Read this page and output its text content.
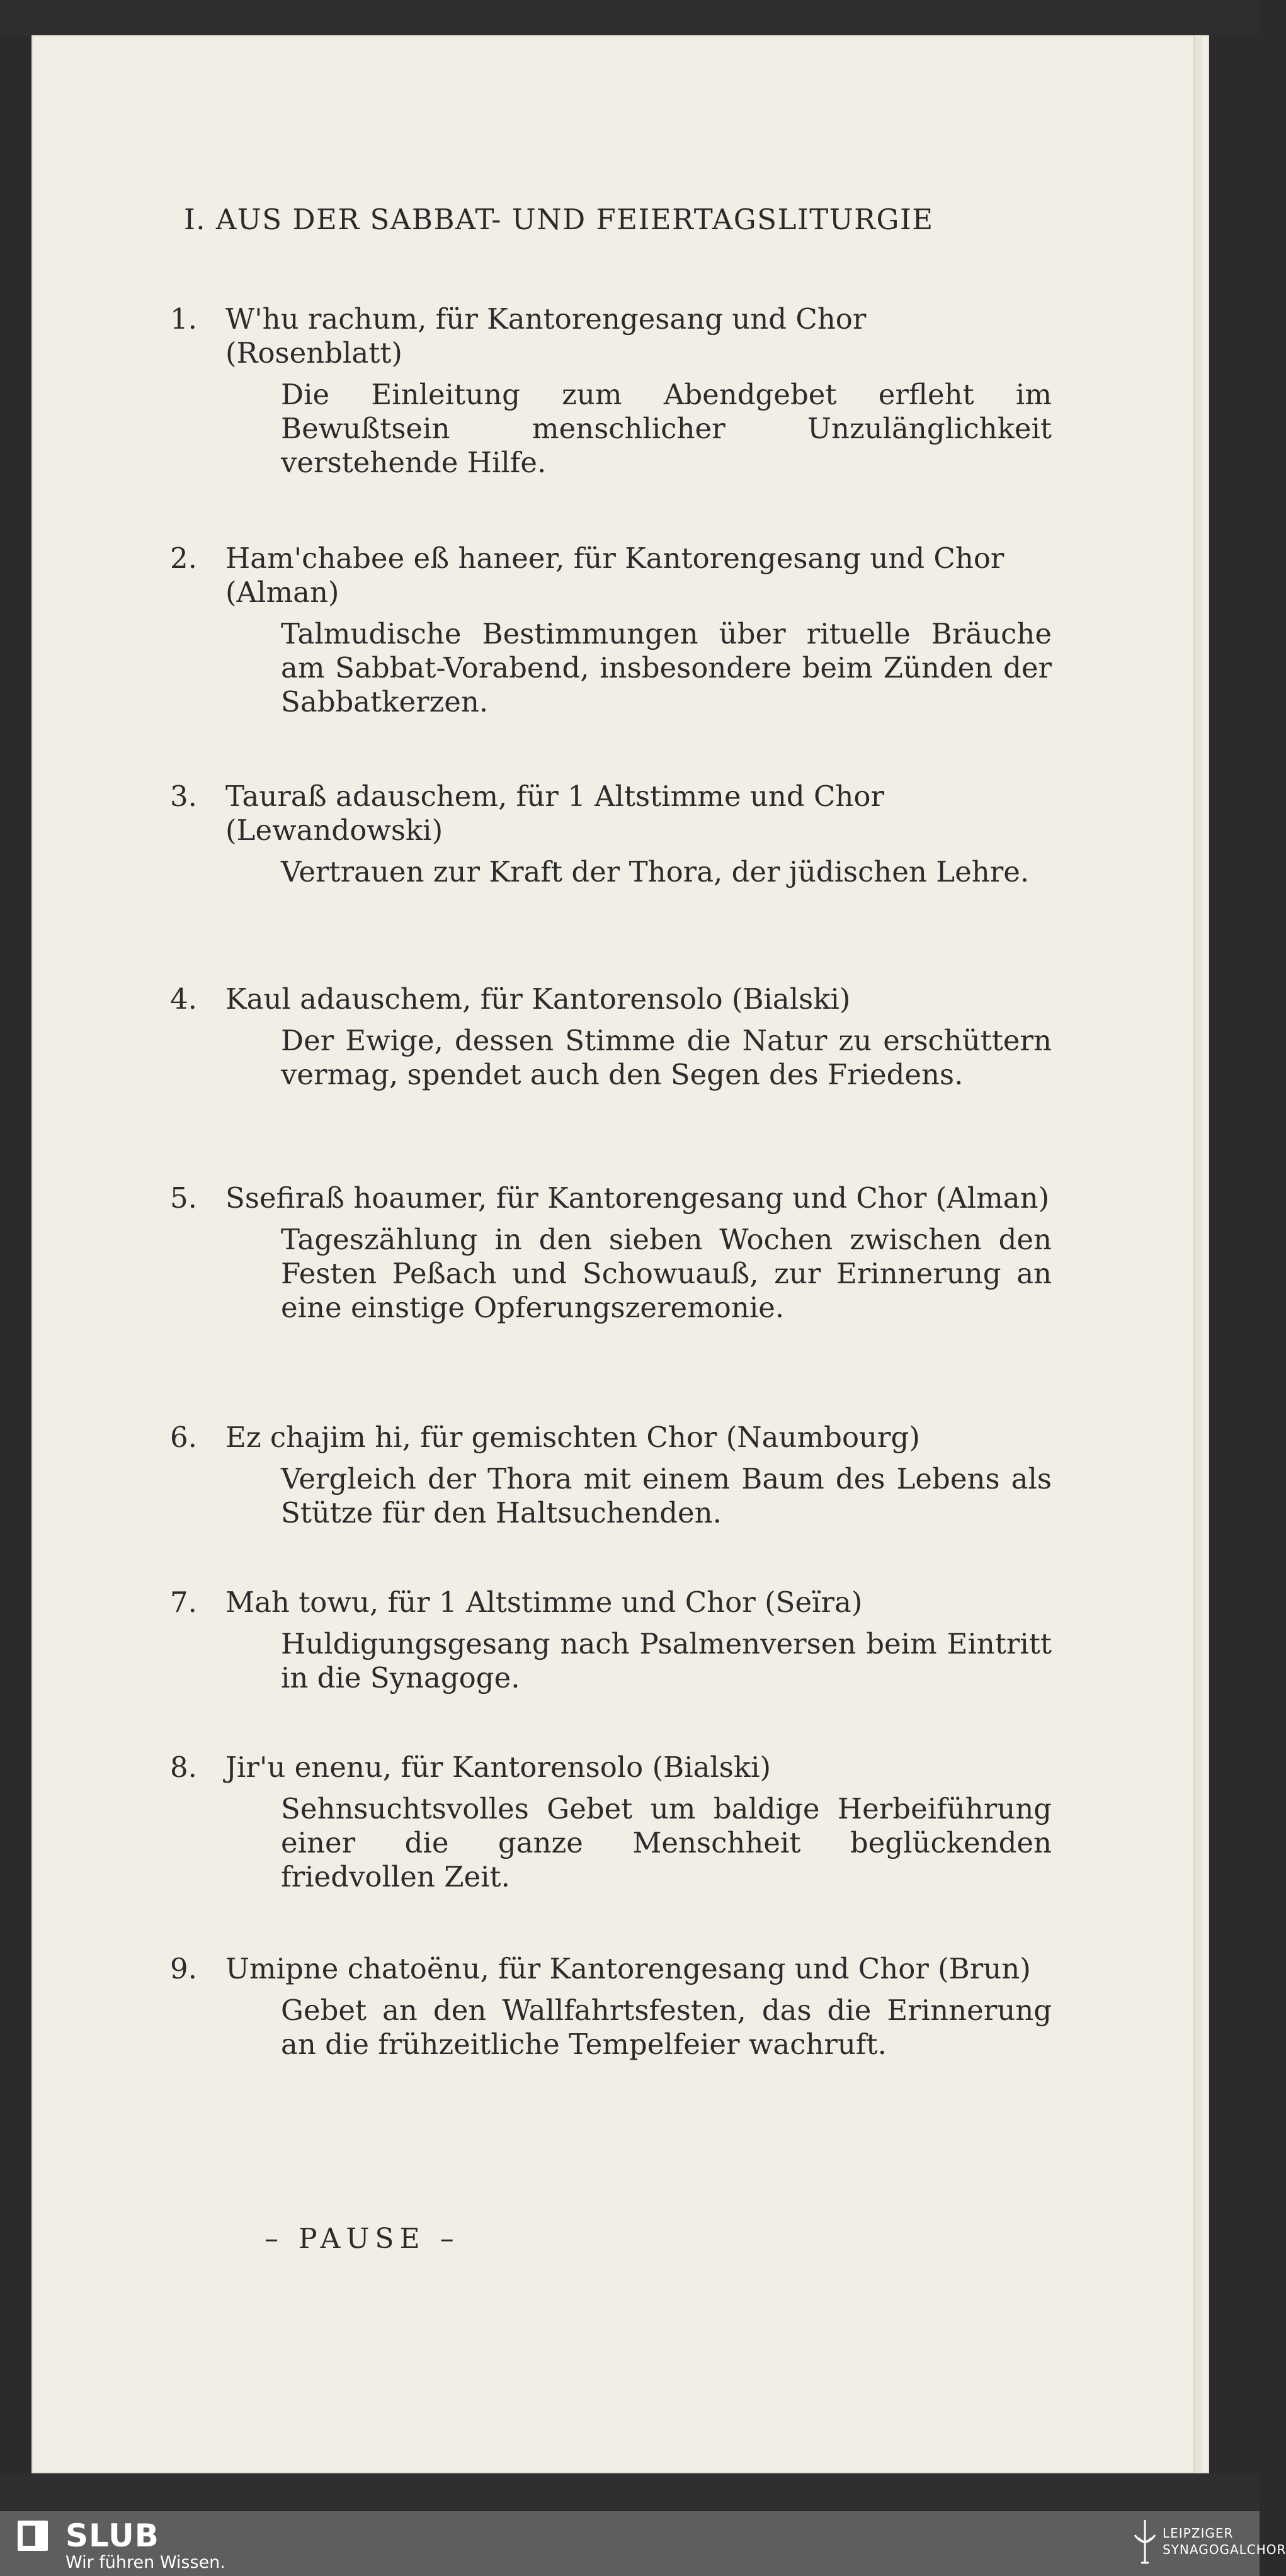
I. AUS DER SABBAT- UND FEIERTAGSLITURGIE
1. W'hu rachum, für Kantorengesang und Chor (Rosenblatt)
Die Einleitung zum Abendgebet erfleht im Bewußtsein menschlicher Unzulänglichkeit verstehende Hilfe.
2. Ham'chabee eß haneer, für Kantorengesang und Chor (Alman)
Talmudische Bestimmungen über rituelle Bräuche am Sabbat-Vorabend, insbesondere beim Zünden der Sabbatkerzen.
3. Tauraß adauschem, für 1 Altstimme und Chor (Lewandowski)
Vertrauen zur Kraft der Thora, der jüdischen Lehre.
4. Kaul adauschem, für Kantorensolo (Bialski)
Der Ewige, dessen Stimme die Natur zu erschüttern vermag, spendet auch den Segen des Friedens.
5. Ssefiraß hoaumer, für Kantorengesang und Chor (Alman)
Tageszählung in den sieben Wochen zwischen den Festen Peßach und Schowuauß, zur Erinnerung an eine einstige Opferungszeremonie.
6. Ez chajim hi, für gemischten Chor (Naumbourg)
Vergleich der Thora mit einem Baum des Lebens als Stütze für den Haltsuchenden.
7. Mah towu, für 1 Altstimme und Chor (Seïra)
Huldigungsgesang nach Psalmenversen beim Eintritt in die Synagoge.
8. Jir'u enenu, für Kantorensolo (Bialski)
Sehnsuchtsvolles Gebet um baldige Herbeiführung einer die ganze Menschheit beglückenden friedvollen Zeit.
9. Umipne chatoënu, für Kantorengesang und Chor (Brun)
Gebet an den Wallfahrtsfesten, das die Erinnerung an die frühzeitliche Tempelfeier wachruft.
– PAUSE –
SLUB
Wir führen Wissen.
LEIPZIGER
SYNAGOGALCHOR
